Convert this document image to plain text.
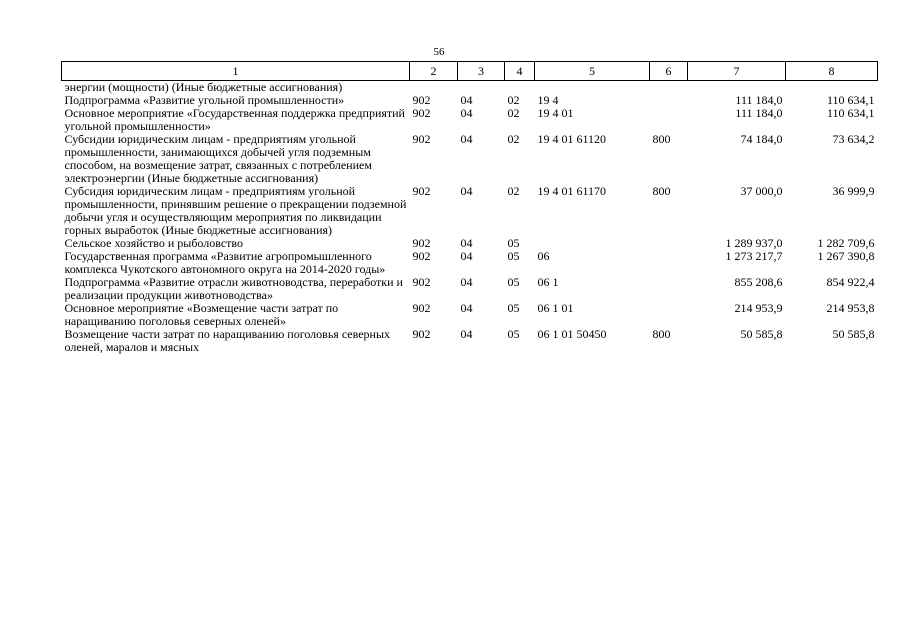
56
1	2	3	4	5	6	7	8
энергии (мощности) (Иные бюджетные ассигнования)							
Подпрограмма «Развитие угольной промышленности»	902	04	02	19 4		111 184,0	110 634,1
Основное мероприятие «Государственная поддержка предприятий угольной промышленности»	902	04	02	19 4 01		111 184,0	110 634,1
Субсидии юридическим лицам - предприятиям угольной промышленности, занимающихся добычей угля подземным способом, на возмещение затрат, связанных с потреблением электроэнергии (Иные бюджетные ассигнования)	902	04	02	19 4 01 61120	800	74 184,0	73 634,2
Субсидия юридическим лицам - предприятиям угольной промышленности, принявшим решение о прекращении подземной добычи угля и осуществляющим мероприятия по ликвидации горных выработок (Иные бюджетные ассигнования)	902	04	02	19 4 01 61170	800	37 000,0	36 999,9
Сельское хозяйство и рыболовство	902	04	05			1 289 937,0	1 282 709,6
Государственная программа «Развитие агропромышленного комплекса Чукотского автономного округа на 2014-2020 годы»	902	04	05	06		1 273 217,7	1 267 390,8
Подпрограмма «Развитие отрасли животноводства, переработки и реализации продукции животноводства»	902	04	05	06 1		855 208,6	854 922,4
Основное мероприятие «Возмещение части затрат по наращиванию поголовья северных оленей»	902	04	05	06 1 01		214 953,9	214 953,8
Возмещение части затрат по наращиванию поголовья северных оленей, маралов и мясных	902	04	05	06 1 01 50450	800	50 585,8	50 585,8
